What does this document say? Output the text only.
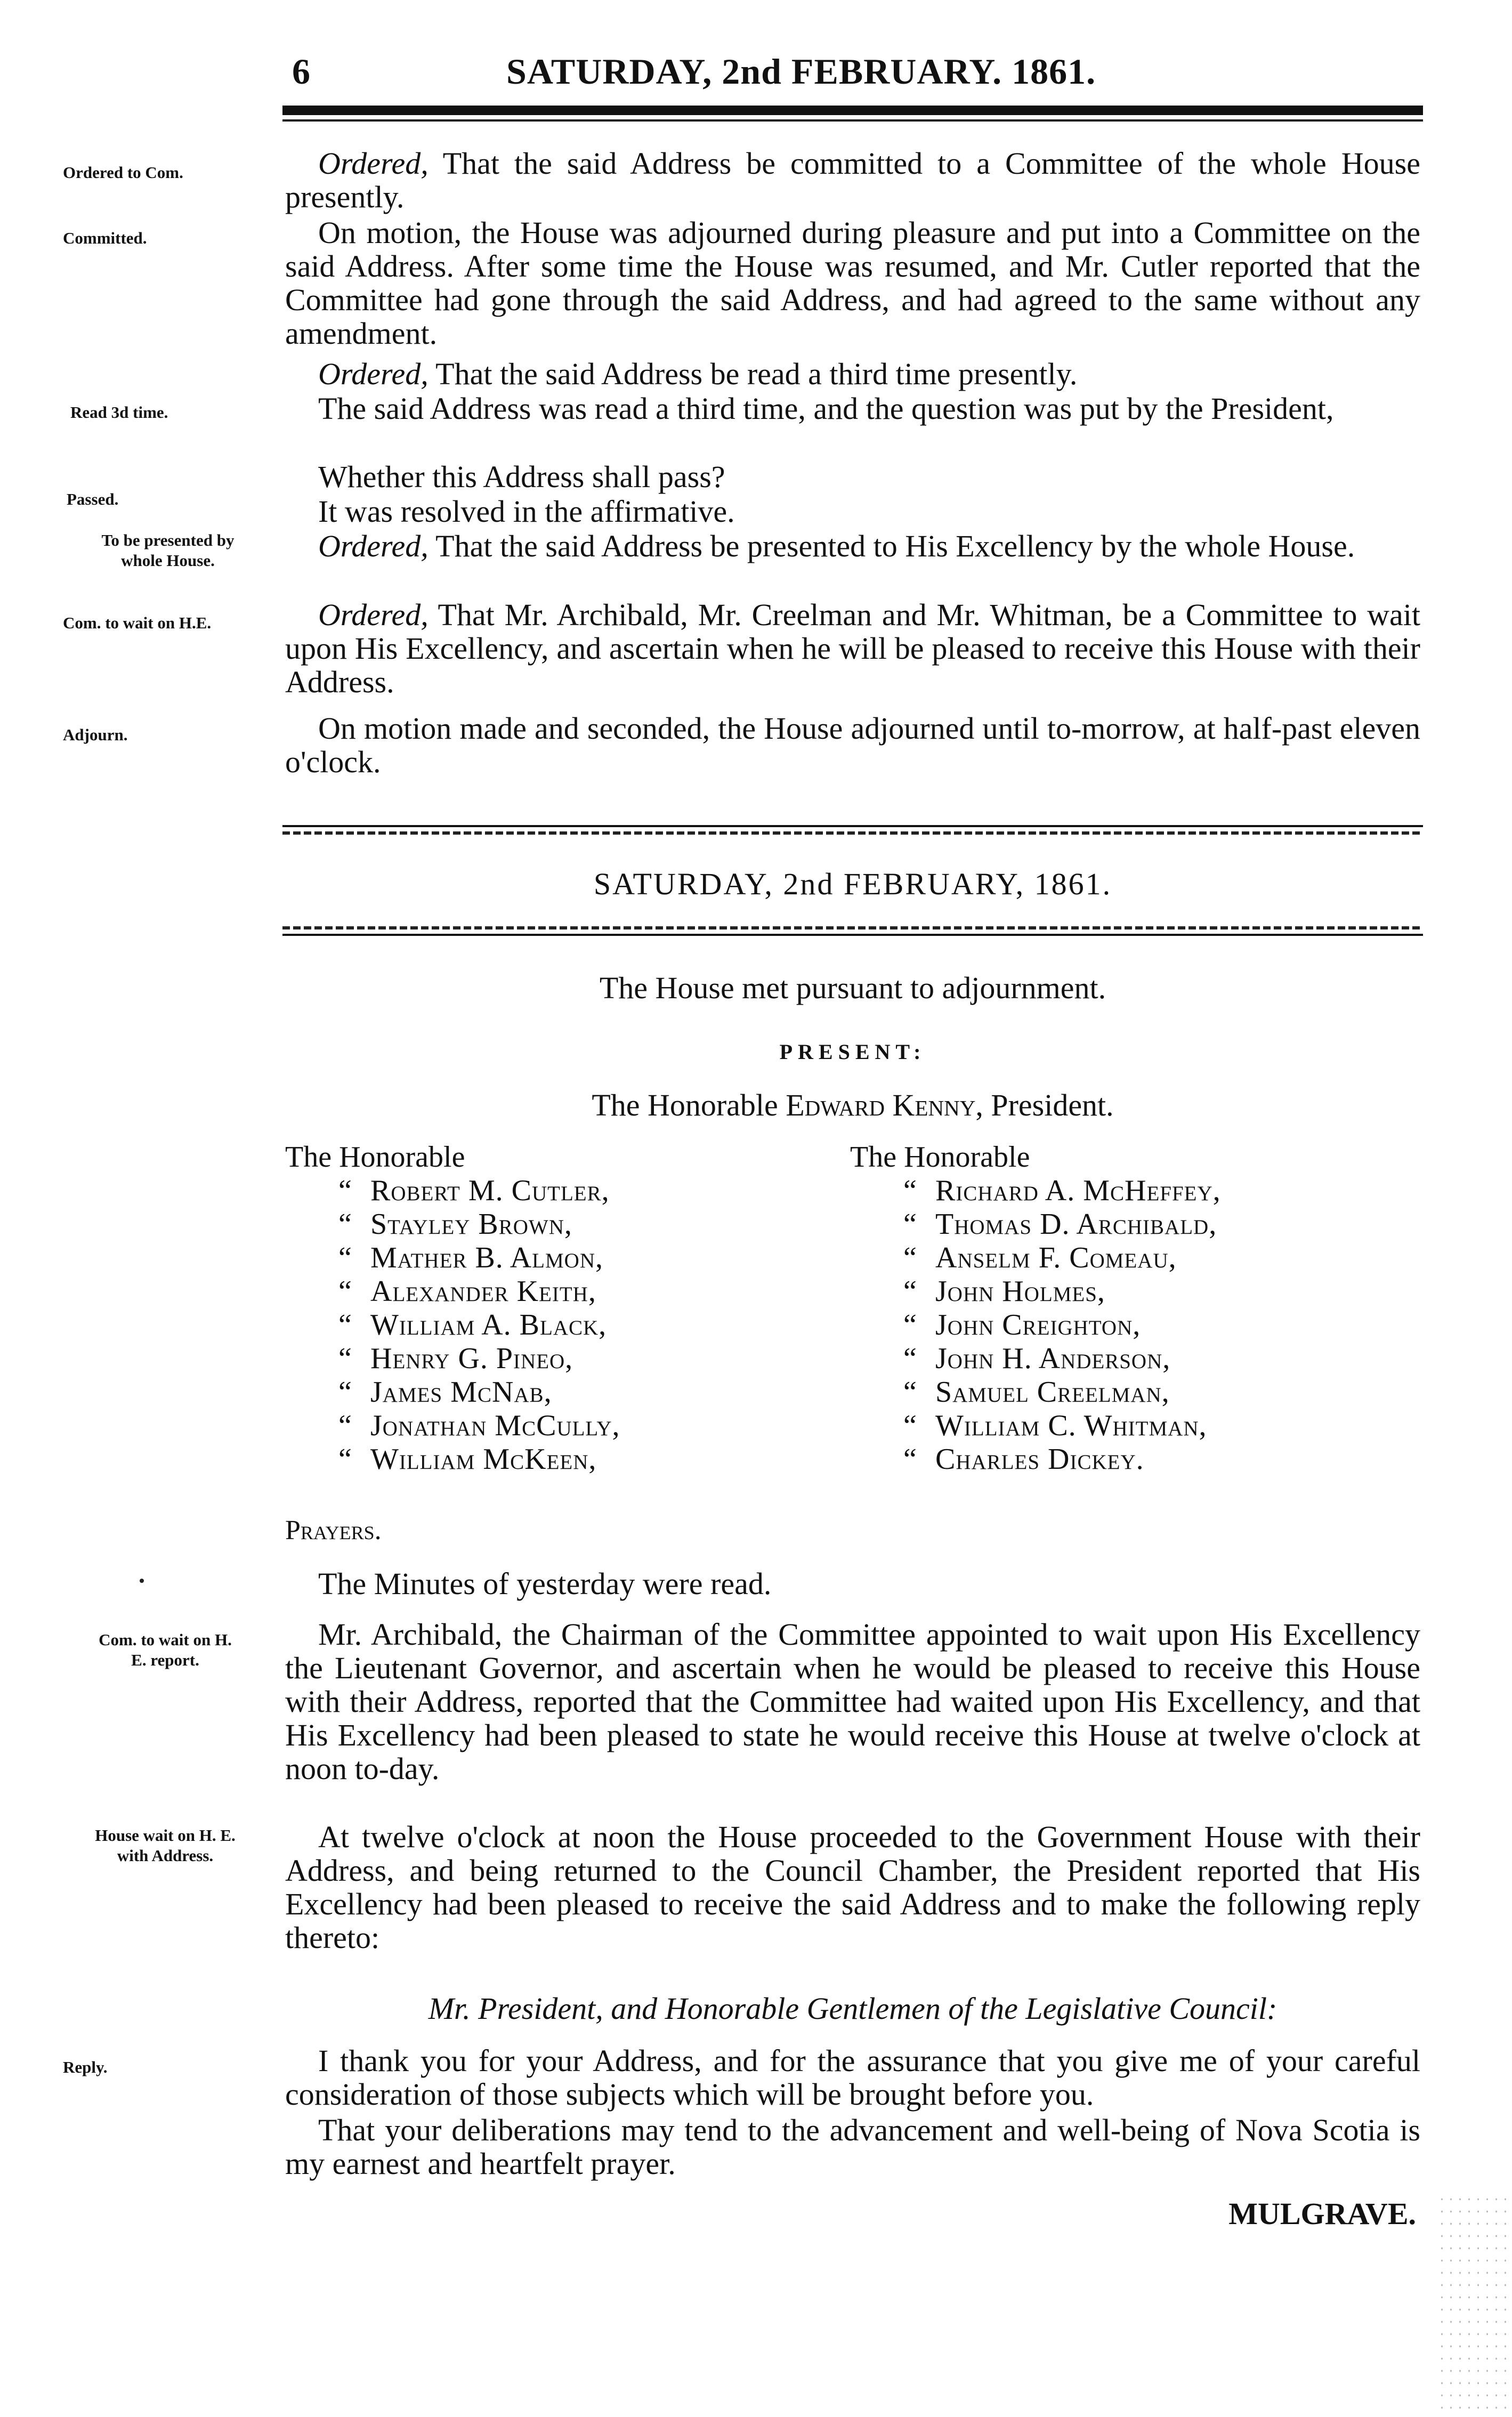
6	SATURDAY, 2nd FEBRUARY. 1861.
Ordered to Com.
Committed.
Read 3d time.
Passed.
To be presented by
whole House.
Com. to wait on H.E.
Adjourn.
Ordered, That the said Address be committed to a Committee of the whole House presently.
On motion, the House was adjourned during pleasure and put into a Committee on the said Address. After some time the House was resumed, and Mr. Cutler reported that the Committee had gone through the said Address, and had agreed to the same without any amendment.
Ordered, That the said Address be read a third time presently.
The said Address was read a third time, and the question was put by the President,
Whether this Address shall pass?
It was resolved in the affirmative.
Ordered, That the said Address be presented to His Excellency by the whole House.
Ordered, That Mr. Archibald, Mr. Creelman and Mr. Whitman, be a Committee to wait upon His Excellency, and ascertain when he will be pleased to receive this House with their Address.
On motion made and seconded, the House adjourned until to-morrow, at half-past eleven o'clock.
SATURDAY, 2nd FEBRUARY, 1861.
The House met pursuant to adjournment.
PRESENT:
The Honorable Edward Kenny, President.
The Honorable
“ Robert M. Cutler,
“ Stayley Brown,
“ Mather B. Almon,
“ Alexander Keith,
“ William A. Black,
“ Henry G. Pineo,
“ James McNab,
“ Jonathan McCully,
“ William McKeen,
The Honorable
“ Richard A. McHeffey,
“ Thomas D. Archibald,
“ Anselm F. Comeau,
“ John Holmes,
“ John Creighton,
“ John H. Anderson,
“ Samuel Creelman,
“ William C. Whitman,
“ Charles Dickey.
Prayers.
Com. to wait on H.
E. report.
House wait on H. E.
with Address.
Reply.
The Minutes of yesterday were read.
Mr. Archibald, the Chairman of the Committee appointed to wait upon His Excellency the Lieutenant Governor, and ascertain when he would be pleased to receive this House with their Address, reported that the Committee had waited upon His Excellency, and that His Excellency had been pleased to state he would receive this House at twelve o'clock at noon to-day.
At twelve o'clock at noon the House proceeded to the Government House with their Address, and being returned to the Council Chamber, the President reported that His Excellency had been pleased to receive the said Address and to make the following reply thereto:
Mr. President, and Honorable Gentlemen of the Legislative Council:
I thank you for your Address, and for the assurance that you give me of your careful consideration of those subjects which will be brought before you.
That your deliberations may tend to the advancement and well-being of Nova Scotia is my earnest and heartfelt prayer.
MULGRAVE.
